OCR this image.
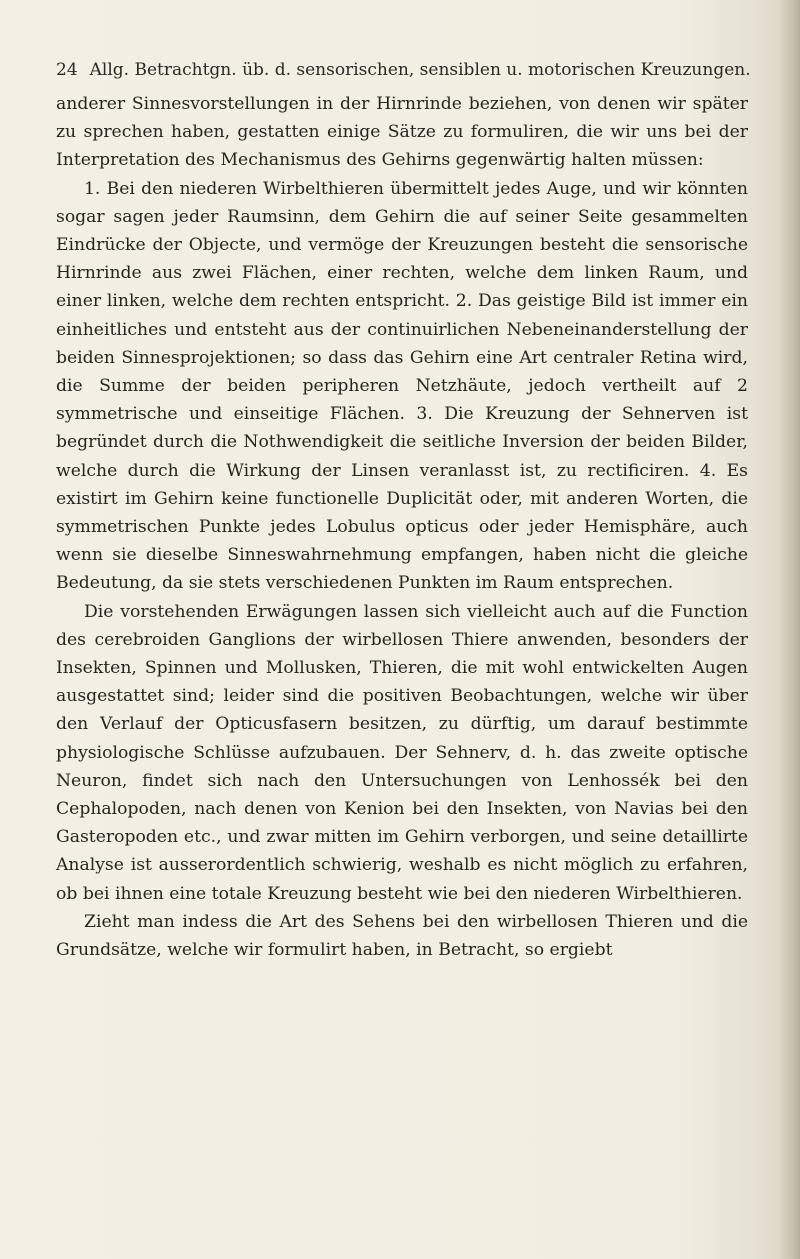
24 Allg. Betrachtgn. üb. d. sensorischen, sensiblen u. motorischen Kreuzungen.

anderer Sinnesvorstellungen in der Hirnrinde beziehen, von denen wir später zu sprechen haben, gestatten einige Sätze zu formuliren, die wir uns bei der Interpretation des Mechanismus des Gehirns gegenwärtig halten müssen:

1. Bei den niederen Wirbelthieren übermittelt jedes Auge, und wir könnten sogar sagen jeder Raumsinn, dem Gehirn die auf seiner Seite gesammelten Eindrücke der Objecte, und vermöge der Kreuzungen besteht die sensorische Hirnrinde aus zwei Flächen, einer rechten, welche dem linken Raum, und einer linken, welche dem rechten entspricht. 2. Das geistige Bild ist immer ein einheitliches und entsteht aus der continuirlichen Nebeneinanderstellung der beiden Sinnesprojektionen; so dass das Gehirn eine Art centraler Retina wird, die Summe der beiden peripheren Netzhäute, jedoch vertheilt auf 2 symmetrische und einseitige Flächen. 3. Die Kreuzung der Sehnerven ist begründet durch die Nothwendigkeit die seitliche Inversion der beiden Bilder, welche durch die Wirkung der Linsen veranlasst ist, zu rectificiren. 4. Es existirt im Gehirn keine functionelle Duplicität oder, mit anderen Worten, die symmetrischen Punkte jedes Lobulus opticus oder jeder Hemisphäre, auch wenn sie dieselbe Sinneswahrnehmung empfangen, haben nicht die gleiche Bedeutung, da sie stets verschiedenen Punkten im Raum entsprechen.

Die vorstehenden Erwägungen lassen sich vielleicht auch auf die Function des cerebroiden Ganglions der wirbellosen Thiere anwenden, besonders der Insekten, Spinnen und Mollusken, Thieren, die mit wohl entwickelten Augen ausgestattet sind; leider sind die positiven Beobachtungen, welche wir über den Verlauf der Opticusfasern besitzen, zu dürftig, um darauf bestimmte physiologische Schlüsse aufzubauen. Der Sehnerv, d. h. das zweite optische Neuron, findet sich nach den Untersuchungen von Lenhossék bei den Cephalopoden, nach denen von Kenion bei den Insekten, von Navias bei den Gasteropoden etc., und zwar mitten im Gehirn verborgen, und seine detaillirte Analyse ist ausserordentlich schwierig, weshalb es nicht möglich zu erfahren, ob bei ihnen eine totale Kreuzung besteht wie bei den niederen Wirbelthieren.

Zieht man indess die Art des Sehens bei den wirbellosen Thieren und die Grundsätze, welche wir formulirt haben, in Betracht, so ergiebt
